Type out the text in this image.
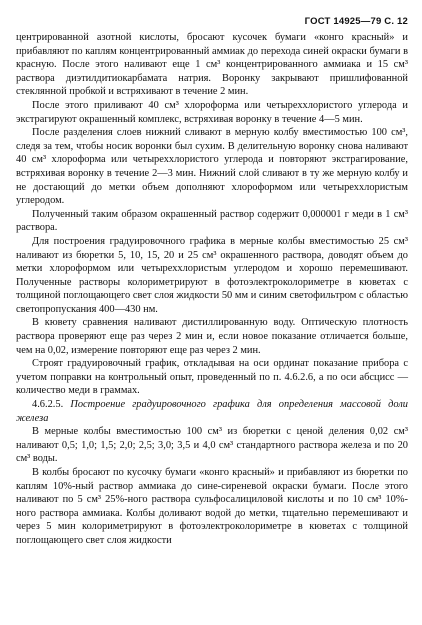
ГОСТ 14925—79 С. 12

центрированной азотной кислоты, бросают кусочек бумаги «конго красный» и прибавляют по каплям концентрированный аммиак до перехода синей окраски бумаги в красную. После этого наливают еще 1 см³ концентрированного аммиака и 15 см³ раствора диэтилдитиокарбамата натрия. Воронку закрывают пришлифованной стеклянной пробкой и встряхивают в течение 2 мин.

После этого приливают 40 см³ хлороформа или четыреххлористого углерода и экстрагируют окрашенный комплекс, встряхивая воронку в течение 4—5 мин.

После разделения слоев нижний сливают в мерную колбу вместимостью 100 см³, следя за тем, чтобы носик воронки был сухим. В делительную воронку снова наливают 40 см³ хлороформа или четыреххлористого углерода и повторяют экстрагирование, встряхивая воронку в течение 2—3 мин. Нижний слой сливают в ту же мерную колбу и не достающий до метки объем дополняют хлороформом или четыреххлористым углеродом.

Полученный таким образом окрашенный раствор содержит 0,000001 г меди в 1 см³ раствора.

Для построения градуировочного графика в мерные колбы вместимостью 25 см³ наливают из бюретки 5, 10, 15, 20 и 25 см³ окрашенного раствора, доводят объем до метки хлороформом или четыреххлористым углеродом и хорошо перемешивают. Полученные растворы колориметрируют в фотоэлектроколориметре в кюветах с толщиной поглощающего свет слоя жидкости 50 мм и синим светофильтром с областью светопропускания 400—430 нм.

В кювету сравнения наливают дистиллированную воду. Оптическую плотность раствора проверяют еще раз через 2 мин и, если новое показание отличается больше, чем на 0,02, измерение повторяют еще раз через 2 мин.

Строят градуировочный график, откладывая на оси ординат показание прибора с учетом поправки на контрольный опыт, проведенный по п. 4.6.2.6, а по оси абсцисс — количество меди в граммах.

4.6.2.5. Построение градуировочного графика для определения массовой доли железа

В мерные колбы вместимостью 100 см³ из бюретки с ценой деления 0,02 см³ наливают 0,5; 1,0; 1,5; 2,0; 2,5; 3,0; 3,5 и 4,0 см³ стандартного раствора железа и по 20 см³ воды.

В колбы бросают по кусочку бумаги «конго красный» и прибавляют из бюретки по каплям 10%-ный раствор аммиака до сине-сиреневой окраски бумаги. После этого наливают по 5 см³ 25%-ного раствора сульфосалициловой кислоты и по 10 см³ 10%-ного раствора аммиака. Колбы доливают водой до метки, тщательно перемешивают и через 5 мин колориметрируют в фотоэлектроколориметре в кюветах с толщиной поглощающего свет слоя жидкости
